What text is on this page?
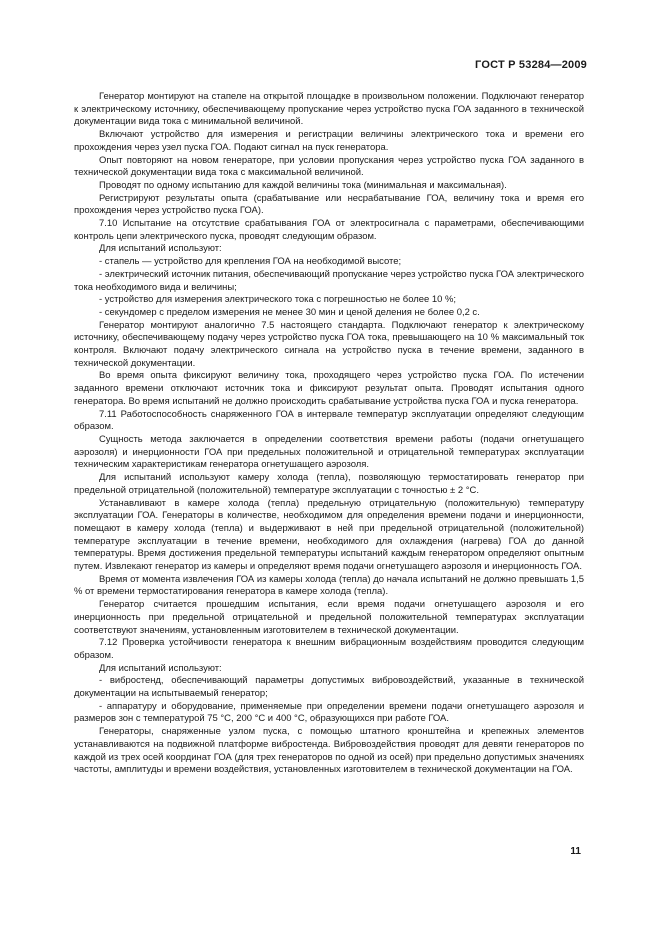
ГОСТ Р 53284—2009

Генератор монтируют на стапеле на открытой площадке в произвольном положении. Подключают генератор к электрическому источнику, обеспечивающему пропускание через устройство пуска ГОА заданного в технической документации вида тока с минимальной величиной.

Включают устройство для измерения и регистрации величины электрического тока и времени его прохождения через узел пуска ГОА. Подают сигнал на пуск генератора.

Опыт повторяют на новом генераторе, при условии пропускания через устройство пуска ГОА заданного в технической документации вида тока с максимальной величиной.

Проводят по одному испытанию для каждой величины тока (минимальная и максимальная).

Регистрируют результаты опыта (срабатывание или несрабатывание ГОА, величину тока и время его прохождения через устройство пуска ГОА).

7.10 Испытание на отсутствие срабатывания ГОА от электросигнала с параметрами, обеспечивающими контроль цепи электрического пуска, проводят следующим образом.

Для испытаний используют:

- стапель — устройство для крепления ГОА на необходимой высоте;

- электрический источник питания, обеспечивающий пропускание через устройство пуска ГОА электрического тока необходимого вида и величины;

- устройство для измерения электрического тока с погрешностью не более 10 %;

- секундомер с пределом измерения не менее 30 мин и ценой деления не более 0,2 с.

Генератор монтируют аналогично 7.5 настоящего стандарта. Подключают генератор к электрическому источнику, обеспечивающему подачу через устройство пуска ГОА тока, превышающего на 10 % максимальный ток контроля. Включают подачу электрического сигнала на устройство пуска в течение времени, заданного в технической документации.

Во время опыта фиксируют величину тока, проходящего через устройство пуска ГОА. По истечении заданного времени отключают источник тока и фиксируют результат опыта. Проводят испытания одного генератора. Во время испытаний не должно происходить срабатывание устройства пуска ГОА и пуска генератора.

7.11 Работоспособность снаряженного ГОА в интервале температур эксплуатации определяют следующим образом.

Сущность метода заключается в определении соответствия времени работы (подачи огнетушащего аэрозоля) и инерционности ГОА при предельных положительной и отрицательной температурах эксплуатации техническим характеристикам генератора огнетушащего аэрозоля.

Для испытаний используют камеру холода (тепла), позволяющую термостатировать генератор при предельной отрицательной (положительной) температуре эксплуатации с точностью ± 2 °С.

Устанавливают в камере холода (тепла) предельную отрицательную (положительную) температуру эксплуатации ГОА. Генераторы в количестве, необходимом для определения времени подачи и инерционности, помещают в камеру холода (тепла) и выдерживают в ней при предельной отрицательной (положительной) температуре эксплуатации в течение времени, необходимого для охлаждения (нагрева) ГОА до данной температуры. Время достижения предельной температуры испытаний каждым генератором определяют опытным путем. Извлекают генератор из камеры и определяют время подачи огнетушащего аэрозоля и инерционность ГОА.

Время от момента извлечения ГОА из камеры холода (тепла) до начала испытаний не должно превышать 1,5 % от времени термостатирования генератора в камере холода (тепла).

Генератор считается прошедшим испытания, если время подачи огнетушащего аэрозоля и его инерционность при предельной отрицательной и предельной положительной температурах эксплуатации соответствуют значениям, установленным изготовителем в технической документации.

7.12 Проверка устойчивости генератора к внешним вибрационным воздействиям проводится следующим образом.

Для испытаний используют:

- вибростенд, обеспечивающий параметры допустимых вибровоздействий, указанные в технической документации на испытываемый генератор;

- аппаратуру и оборудование, применяемые при определении времени подачи огнетушащего аэрозоля и размеров зон с температурой 75 °С, 200 °С и 400 °С, образующихся при работе ГОА.

Генераторы, снаряженные узлом пуска, с помощью штатного кронштейна и крепежных элементов устанавливаются на подвижной платформе вибростенда. Вибровоздействия проводят для девяти генераторов по каждой из трех осей координат ГОА (для трех генераторов по одной из осей) при предельно допустимых значениях частоты, амплитуды и времени воздействия, установленных изготовителем в технической документации на ГОА.

11
